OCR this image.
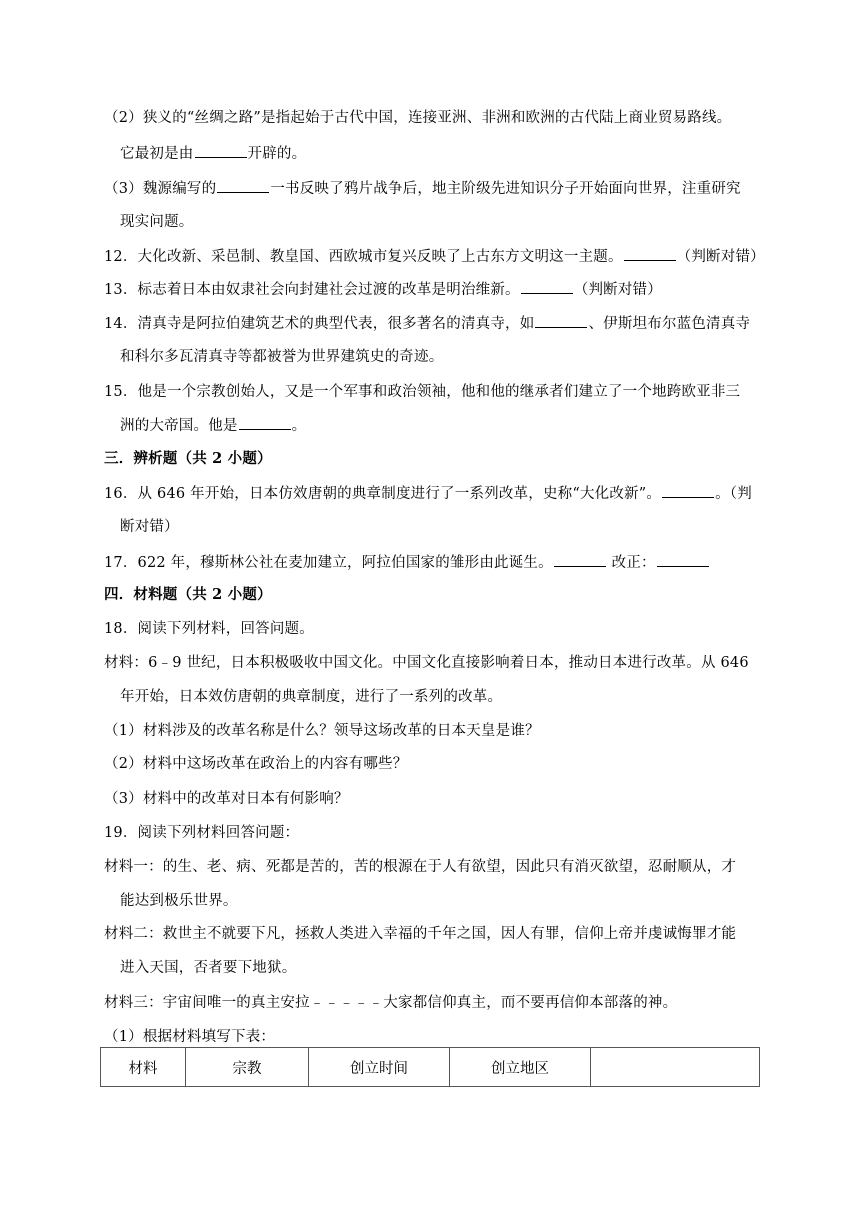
（2）狭义的“丝绸之路”是指起始于古代中国，连接亚洲、非洲和欧洲的古代陆上商业贸易路线。
它最初是由	开辟的。
（3）魏源编写的	一书反映了鸦片战争后，地主阶级先进知识分子开始面向世界，注重研究
现实问题。
12．大化改新、采邑制、教皇国、西欧城市复兴反映了上古东方文明这一主题。	（判断对错）
13．标志着日本由奴隶社会向封建社会过渡的改革是明治维新。	（判断对错）
14．清真寺是阿拉伯建筑艺术的典型代表，很多著名的清真寺，如	、伊斯坦布尔蓝色清真寺
和科尔多瓦清真寺等都被誉为世界建筑史的奇迹。
15．他是一个宗教创始人，又是一个军事和政治领袖，他和他的继承者们建立了一个地跨欧亚非三
洲的大帝国。他是	。
三．辨析题（共 2 小题）
16．从 646 年开始，日本仿效唐朝的典章制度进行了一系列改革，史称“大化改新”。	。（判
断对错）
17．622 年，穆斯林公社在麦加建立，阿拉伯国家的雏形由此诞生。	改正：
四．材料题（共 2 小题）
18．阅读下列材料，回答问题。
材料：6﹣9 世纪，日本积极吸收中国文化。中国文化直接影响着日本，推动日本进行改革。从 646
年开始，日本效仿唐朝的典章制度，进行了一系列的改革。
（1）材料涉及的改革名称是什么？领导这场改革的日本天皇是谁？
（2）材料中这场改革在政治上的内容有哪些？
（3）材料中的改革对日本有何影响？
19．阅读下列材料回答问题：
材料一：的生、老、病、死都是苦的，苦的根源在于人有欲望，因此只有消灭欲望，忍耐顺从，才
能达到极乐世界。
材料二：救世主不就要下凡，拯救人类进入幸福的千年之国，因人有罪，信仰上帝并虔诚悔罪才能
进入天国，否者要下地狱。
材料三：宇宙间唯一的真主安拉﹣﹣﹣﹣﹣大家都信仰真主，而不要再信仰本部落的神。
（1）根据材料填写下表：
材料	宗教	创立时间	创立地区	
